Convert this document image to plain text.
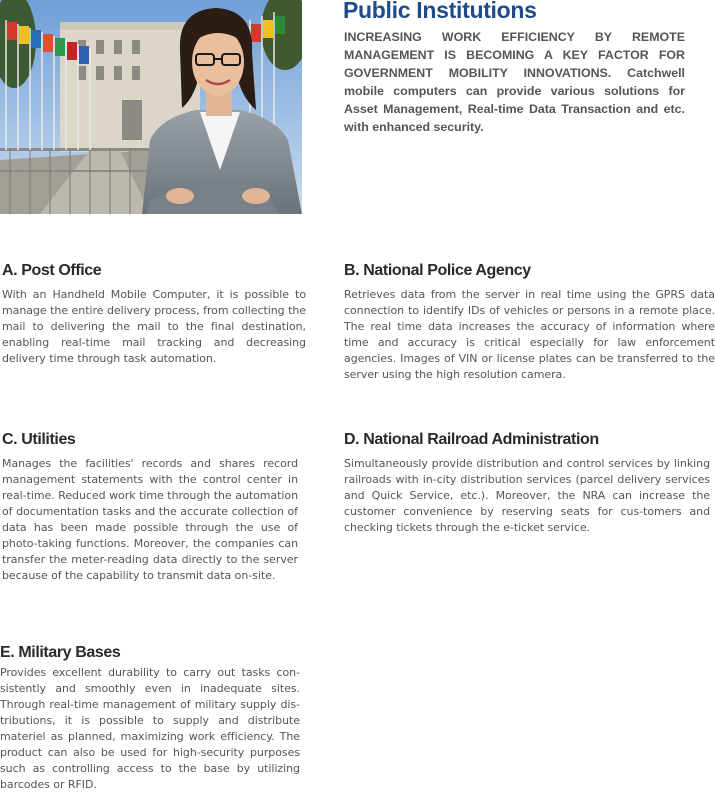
Public Institutions

INCREASING WORK EFFICIENCY BY REMOTE MANAGEMENT IS BECOMING A KEY FACTOR FOR GOVERNMENT MOBILITY INNOVATIONS. Catchwell mobile computers can provide various solutions for Asset Management, Real-time Data Transaction and etc. with enhanced security.

A. Post Office

With an Handheld Mobile Computer, it is possible to manage the entire delivery process, from collecting the mail to delivering the mail to the final destination, enabling real-time mail tracking and decreasing delivery time through task automation.

B. National Police Agency

Retrieves data from the server in real time using the GPRS data connection to identify IDs of vehicles or persons in a remote place. The real time data increases the accuracy of information where time and accuracy is critical especially for law enforcement agencies. Images of VIN or license plates can be transferred to the server using the high resolution camera.

C. Utilities

Manages the facilities' records and shares record management statements with the control center in real-time. Reduced work time through the automation of documentation tasks and the accurate collection of data has been made possible through the use of photo-taking functions. Moreover, the companies can transfer the meter-reading data directly to the server because of the capability to transmit data on-site.

D. National Railroad Administration

Simultaneously provide distribution and control services by linking railroads with in-city distribution services (parcel delivery services and Quick Service, etc.). Moreover, the NRA can increase the customer convenience by reserving seats for cus-tomers and checking tickets through the e-ticket service.

E. Military Bases

Provides excellent durability to carry out tasks con-sistently and smoothly even in inadequate sites. Through real-time management of military supply dis-tributions, it is possible to supply and distribute materiel as planned, maximizing work efficiency. The product can also be used for high-security purposes such as controlling access to the base by utilizing barcodes or RFID.
